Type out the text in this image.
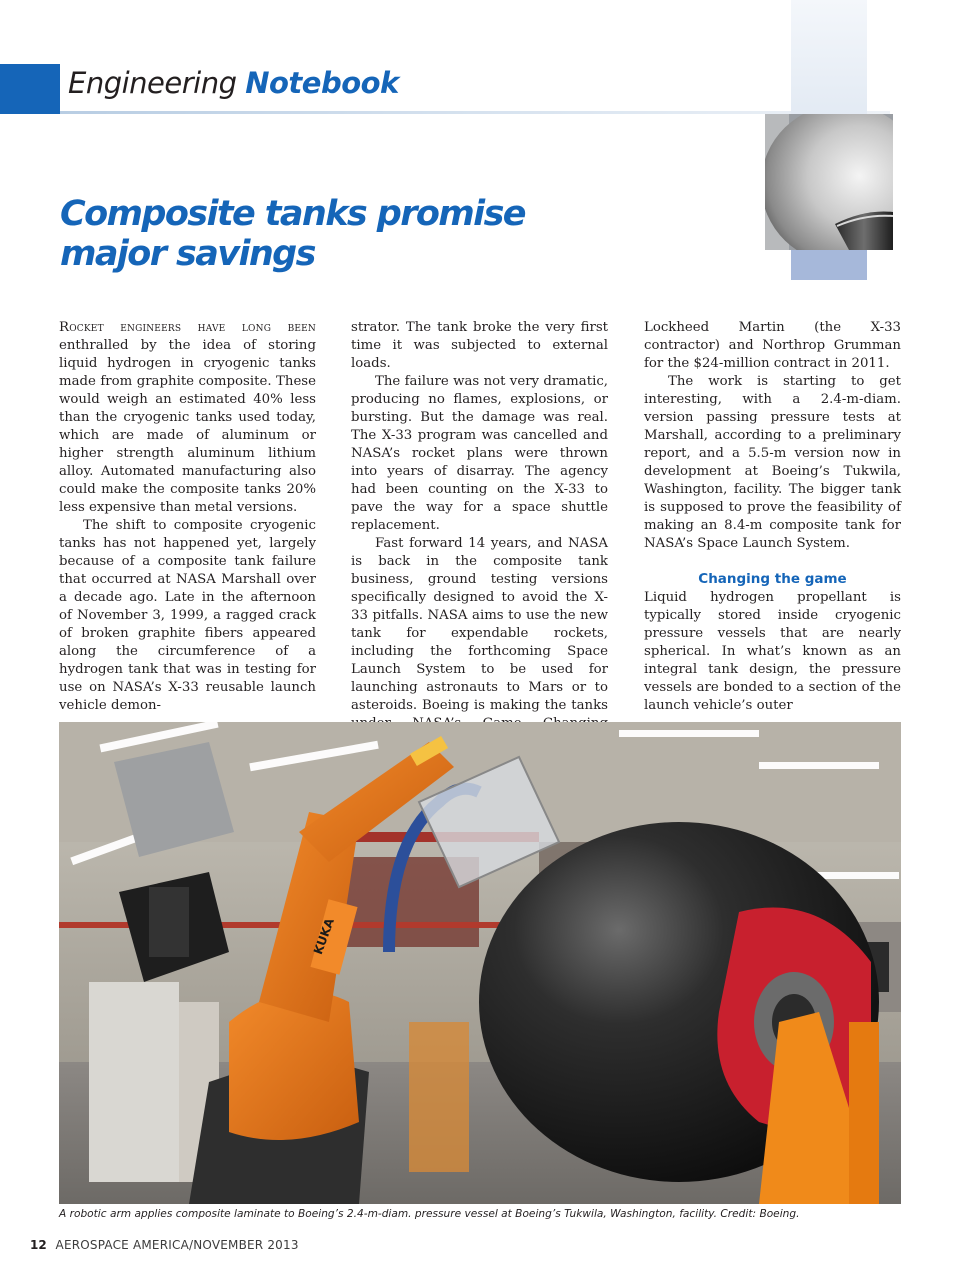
Engineering Notebook
Composite tanks promise
major savings

Rocket engineers have long been enthralled by the idea of storing liquid hydrogen in cryogenic tanks made from graphite composite. These would weigh an estimated 40% less than the cryogenic tanks used today, which are made of aluminum or higher strength aluminum lithium alloy. Automated manufacturing also could make the composite tanks 20% less expensive than metal versions.

The shift to composite cryogenic tanks has not happened yet, largely because of a composite tank failure that occurred at NASA Marshall over a decade ago. Late in the afternoon of November 3, 1999, a ragged crack of broken graphite fibers appeared along the circumference of a hydrogen tank that was in testing for use on NASA’s X-33 reusable launch vehicle demon-

strator. The tank broke the very first time it was subjected to external loads.

The failure was not very dramatic, producing no flames, explosions, or bursting. But the damage was real. The X-33 program was cancelled and NASA’s rocket plans were thrown into years of disarray. The agency had been counting on the X-33 to pave the way for a space shuttle replacement.

Fast forward 14 years, and NASA is back in the composite tank business, ground testing versions specifically designed to avoid the X-33 pitfalls. NASA aims to use the new tank for expendable rockets, including the forthcoming Space Launch System to be used for launching astronauts to Mars or to asteroids. Boeing is making the tanks

Lockheed Martin (the X-33 contractor) and Northrop Grumman for the $24-million contract in 2011.

The work is starting to get interesting, with a 2.4-m-diam. version passing pressure tests at Marshall, according to a preliminary report, and a 5.5-m version now in development at Boeing’s Tukwila, Washington, facility. The bigger tank is supposed to prove the feasibility of making an 8.4-m composite tank for NASA’s Space Launch System.

Changing the game

Liquid hydrogen propellant is typically stored inside cryogenic pressure vessels that are nearly spherical. In what’s known as an integral tank design, the pressure vessels are bonded to a section of the launch vehicle’s outer

KUKA
A robotic arm applies composite laminate to Boeing’s 2.4-m-diam. pressure vessel at Boeing’s Tukwila, Washington, facility. Credit: Boeing.
12 AEROSPACE AMERICA/NOVEMBER 2013
